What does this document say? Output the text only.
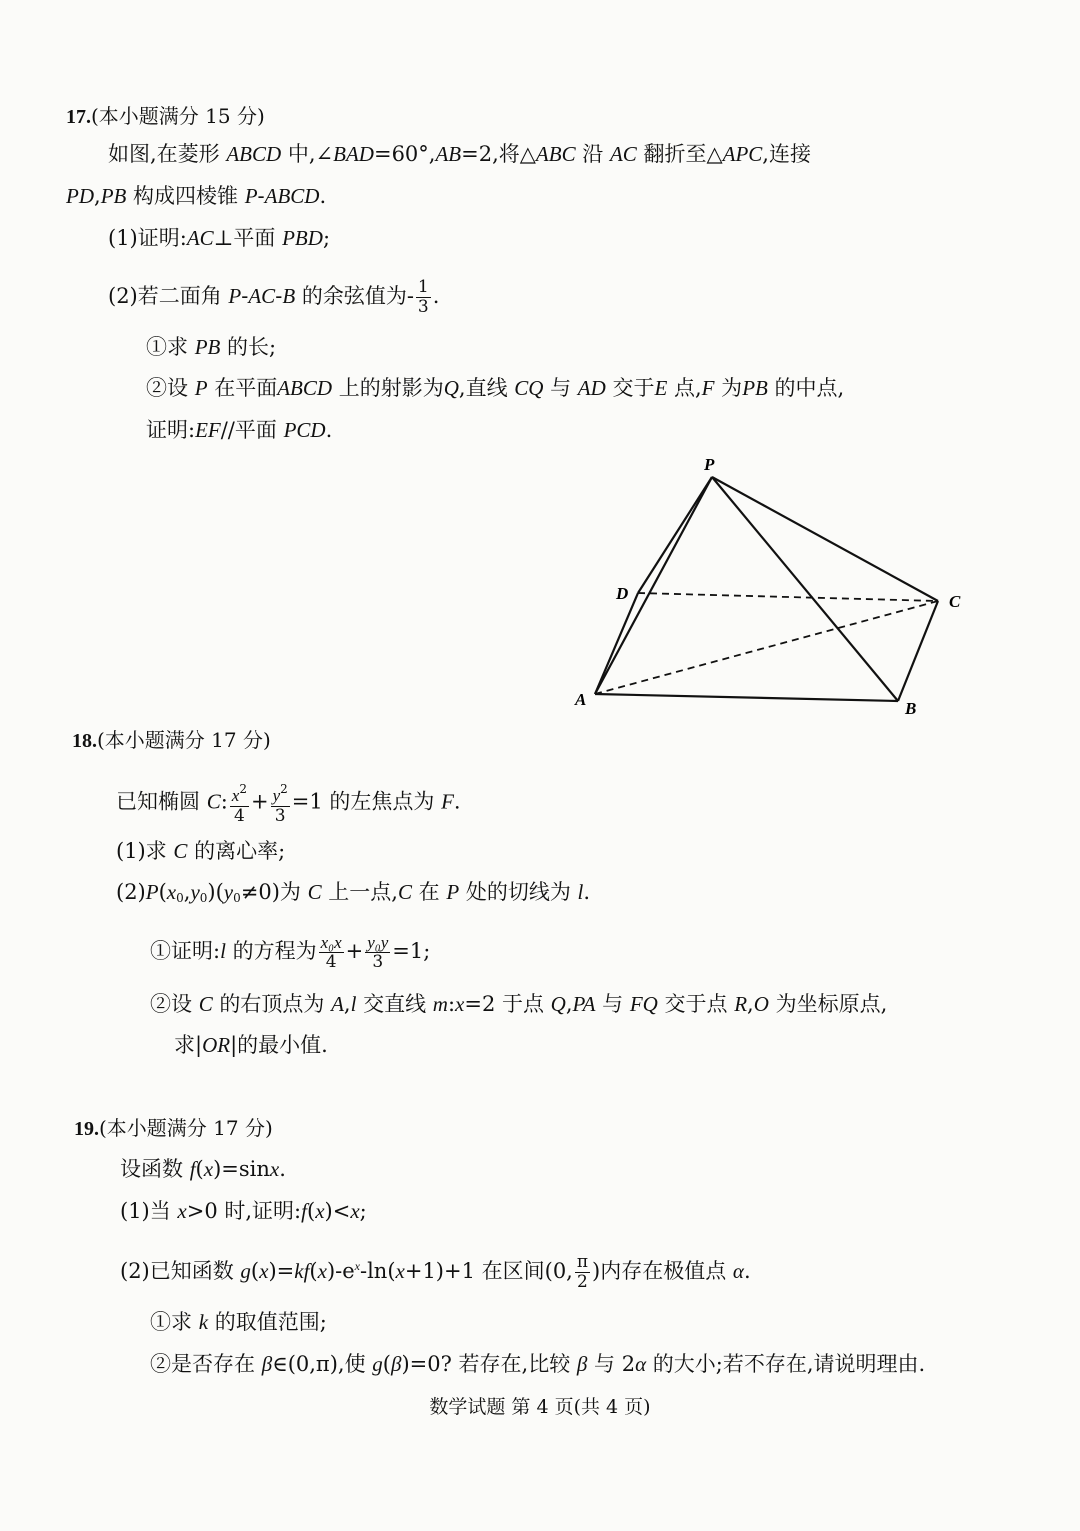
17.(本小题满分 15 分)
如图,在菱形 ABCD 中,∠BAD=60°,AB=2,将△ABC 沿 AC 翻折至△APC,连接
PD,PB 构成四棱锥 P-ABCD.
(1)证明:AC⊥平面 PBD;
(2)若二面角 P-AC-B 的余弦值为- $\frac{1}{3}$ .
①求 PB 的长;
②设 P 在平面ABCD 上的射影为Q,直线 CQ 与 AD 交于E 点,F 为PB 的中点,
证明:EF//平面 PCD.
P
D	C
A	B
18.(本小题满分 17 分)
已知椭圆 C: $\frac{x^2}{4} + \frac{y^2}{3} =1$ 的左焦点为 F.
(1)求 C 的离心率;
$(2)P(x_0,y_0)(y_0\ne 0)$为 C 上一点,C 在 P 处的切线为 l.
①证明:l 的方程为 $\frac{\text{x₀x}}{4} + \frac{\text{y₀y}}{3} =1$;
②设 C 的右顶点为 A,l 交直线 m:x=2 于点 Q,PA 与 FQ 交于点 R,O 为坐标原点,
求|OR|的最小值.
19.(本小题满分 17 分)
设函数 f(x)=sinx.
(1)当 x>0 时,证明:f(x)<x;
(2)已知函数 $g(x)=kf(x)-e^x-\ln(x+1)+1$ 在区间(0, $\frac{\pi}{2}$ )内存在极值点 α.
①求 k 的取值范围;
②是否存在 β∈(0,π),使 g(β)=0? 若存在,比较 β 与 2α 的大小;若不存在,请说明理由.
数学试题 第 4 页(共 4 页)
